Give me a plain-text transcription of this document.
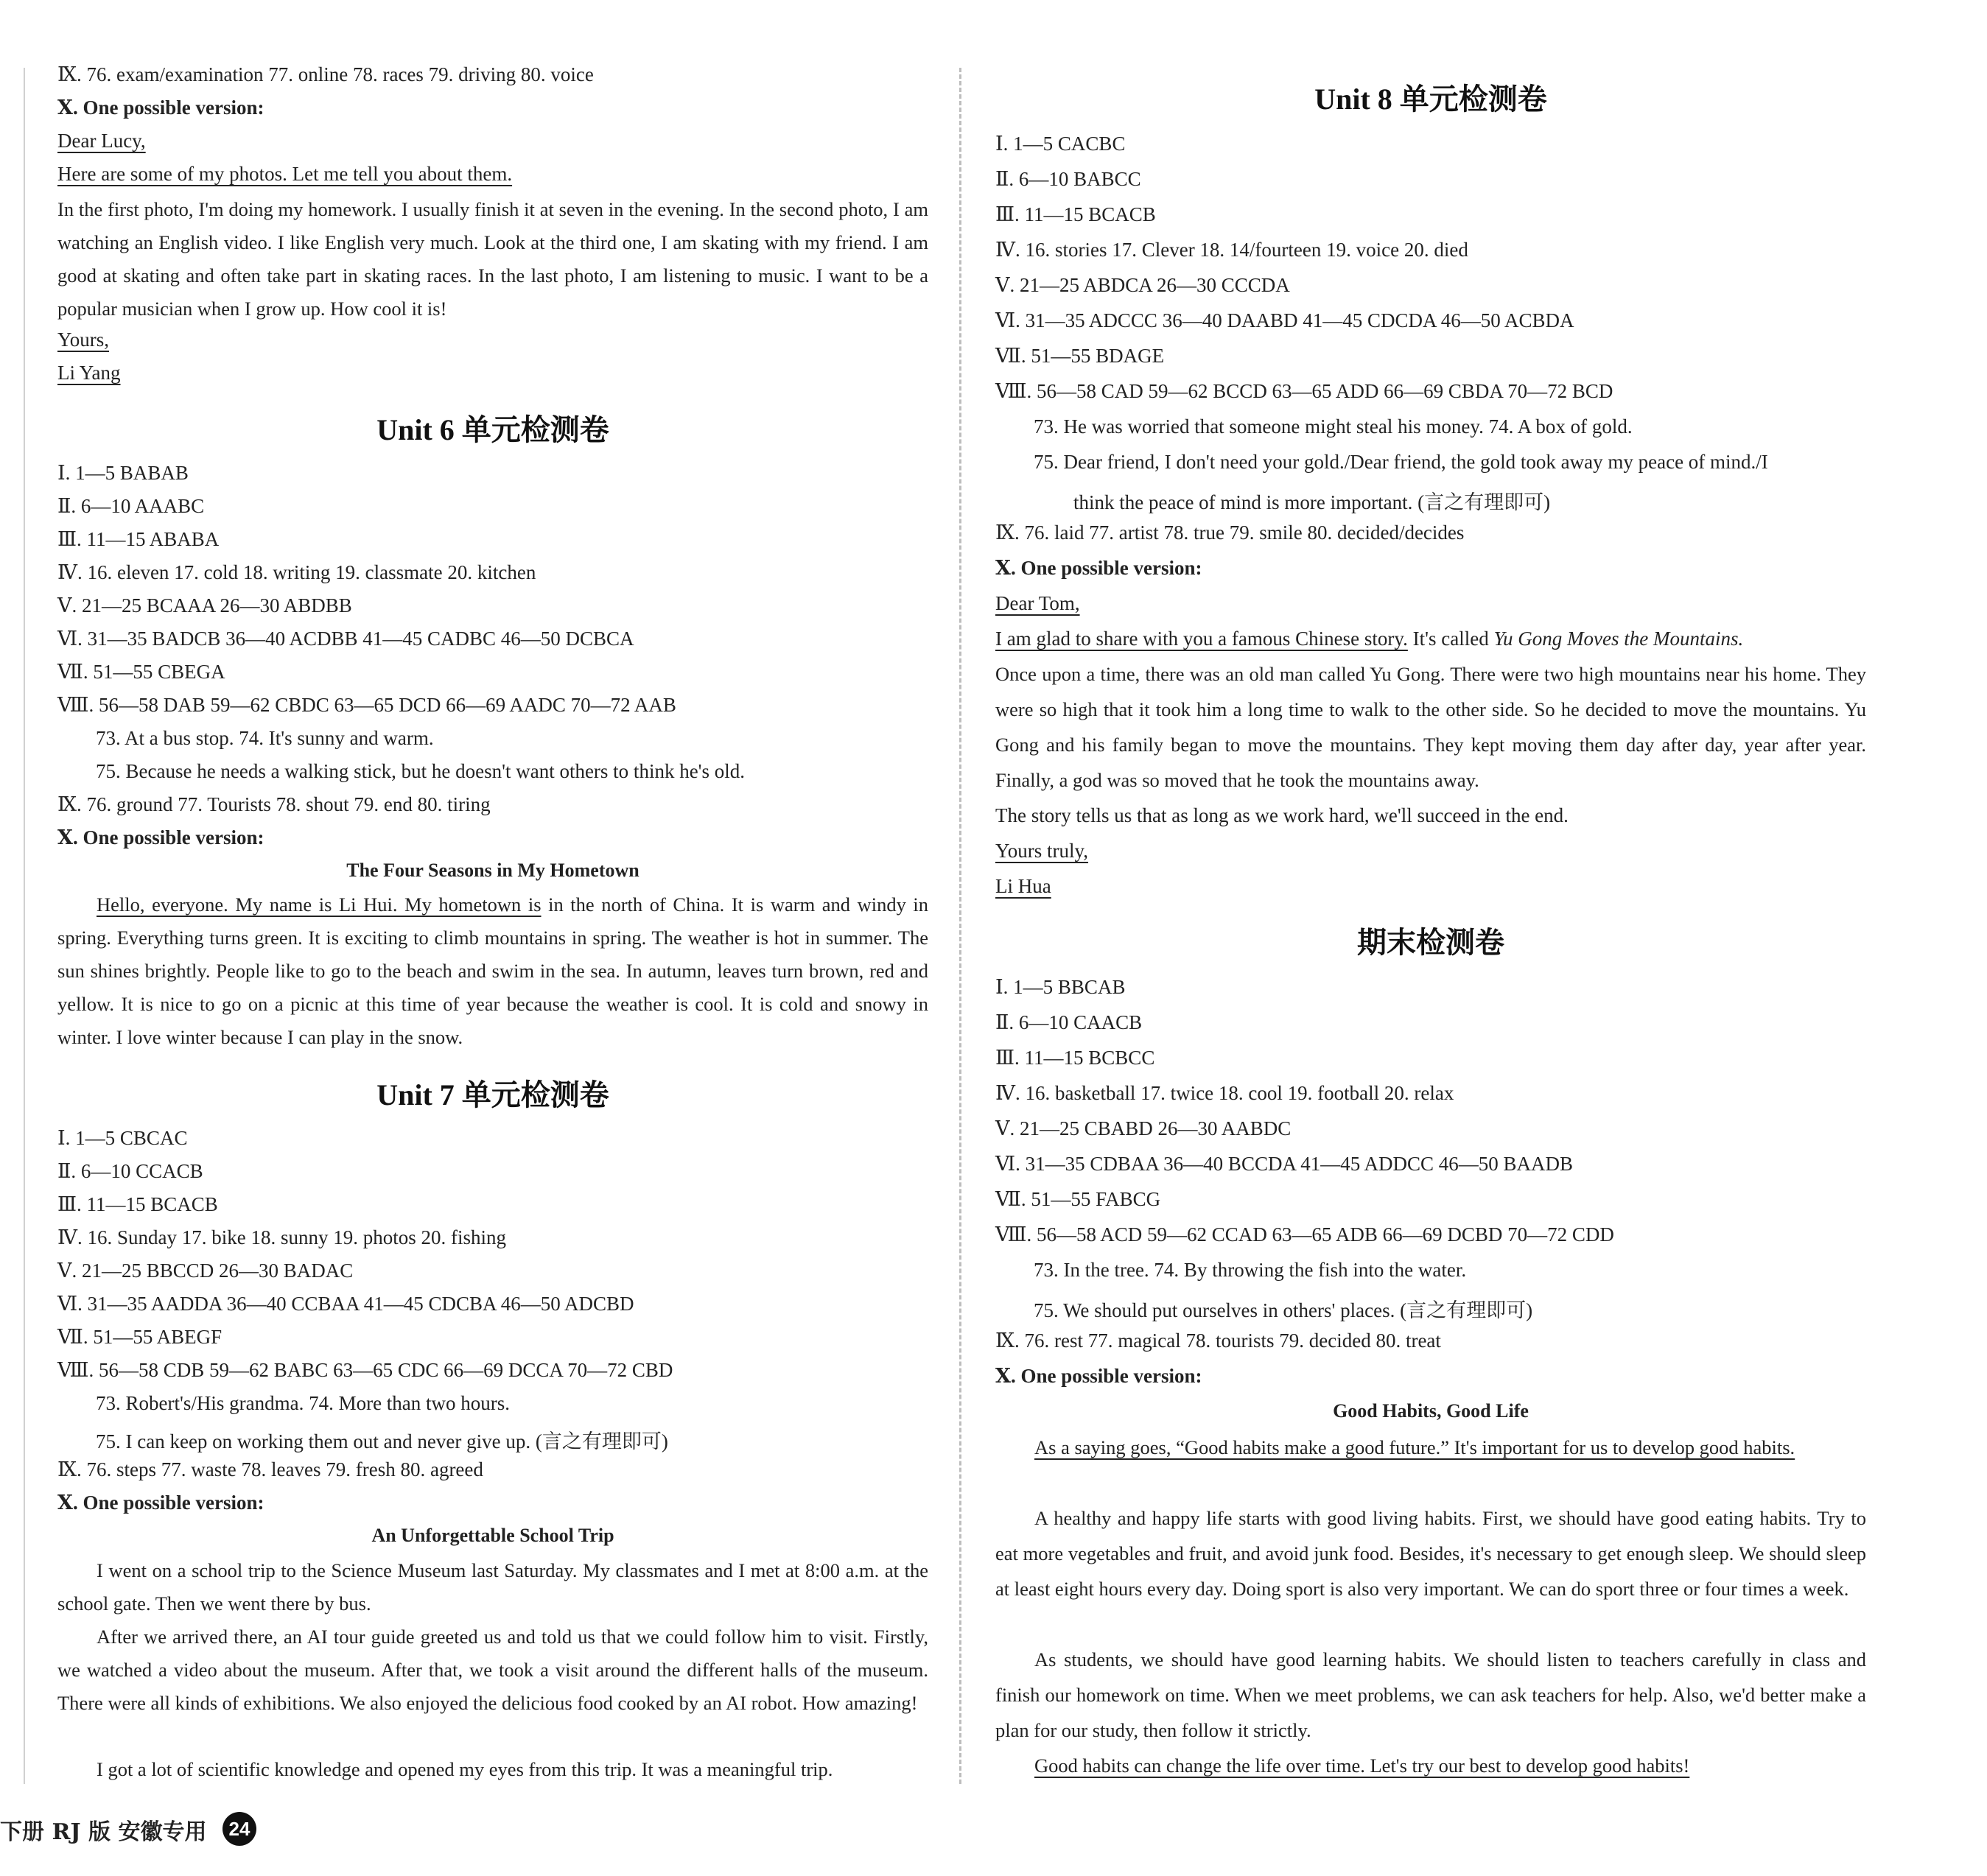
Ⅸ. 76. exam/examination 77. online 78. races 79. driving 80. voice
Ⅹ. One possible version:
Dear Lucy,
Here are some of my photos. Let me tell you about them.
In the first photo, I'm doing my homework. I usually finish it at seven in the evening. In the second photo, I am watching an English video. I like English very much. Look at the third one, I am skating with my friend. I am good at skating and often take part in skating races. In the last photo, I am listening to music. I want to be a popular musician when I grow up. How cool it is!
Yours,
Li Yang
Unit 6 单元检测卷
Ⅰ. 1—5 BABAB
Ⅱ. 6—10 AAABC
Ⅲ. 11—15 ABABA
Ⅳ. 16. eleven 17. cold 18. writing 19. classmate 20. kitchen
Ⅴ. 21—25 BCAAA 26—30 ABDBB
Ⅵ. 31—35 BADCB 36—40 ACDBB 41—45 CADBC 46—50 DCBCA
Ⅶ. 51—55 CBEGA
Ⅷ. 56—58 DAB 59—62 CBDC 63—65 DCD 66—69 AADC 70—72 AAB
73. At a bus stop. 74. It's sunny and warm.
75. Because he needs a walking stick, but he doesn't want others to think he's old.
Ⅸ. 76. ground 77. Tourists 78. shout 79. end 80. tiring
Ⅹ. One possible version:
The Four Seasons in My Hometown
Hello, everyone. My name is Li Hui. My hometown is in the north of China. It is warm and windy in spring. Everything turns green. It is exciting to climb mountains in spring. The weather is hot in summer. The sun shines brightly. People like to go to the beach and swim in the sea. In autumn, leaves turn brown, red and yellow. It is nice to go on a picnic at this time of year because the weather is cool. It is cold and snowy in winter. I love winter because I can play in the snow.
Unit 7 单元检测卷
Ⅰ. 1—5 CBCAC
Ⅱ. 6—10 CCACB
Ⅲ. 11—15 BCACB
Ⅳ. 16. Sunday 17. bike 18. sunny 19. photos 20. fishing
Ⅴ. 21—25 BBCCD 26—30 BADAC
Ⅵ. 31—35 AADDA 36—40 CCBAA 41—45 CDCBA 46—50 ADCBD
Ⅶ. 51—55 ABEGF
Ⅷ. 56—58 CDB 59—62 BABC 63—65 CDC 66—69 DCCA 70—72 CBD
73. Robert's/His grandma. 74. More than two hours.
75. I can keep on working them out and never give up. (言之有理即可)
Ⅸ. 76. steps 77. waste 78. leaves 79. fresh 80. agreed
Ⅹ. One possible version:
An Unforgettable School Trip
I went on a school trip to the Science Museum last Saturday. My classmates and I met at 8:00 a.m. at the school gate. Then we went there by bus.
After we arrived there, an AI tour guide greeted us and told us that we could follow him to visit. Firstly, we watched a video about the museum. After that, we took a visit around the different halls of the museum. There were all kinds of exhibitions. We also enjoyed the delicious food cooked by an AI robot. How amazing!
I got a lot of scientific knowledge and opened my eyes from this trip. It was a meaningful trip.
下册 RJ 版 安徽专用	24
Unit 8 单元检测卷
Ⅰ. 1—5 CACBC
Ⅱ. 6—10 BABCC
Ⅲ. 11—15 BCACB
Ⅳ. 16. stories 17. Clever 18. 14/fourteen 19. voice 20. died
Ⅴ. 21—25 ABDCA 26—30 CCCDA
Ⅵ. 31—35 ADCCC 36—40 DAABD 41—45 CDCDA 46—50 ACBDA
Ⅶ. 51—55 BDAGE
Ⅷ. 56—58 CAD 59—62 BCCD 63—65 ADD 66—69 CBDA 70—72 BCD
73. He was worried that someone might steal his money. 74. A box of gold.
75. Dear friend, I don't need your gold./Dear friend, the gold took away my peace of mind./I
think the peace of mind is more important. (言之有理即可)
Ⅸ. 76. laid 77. artist 78. true 79. smile 80. decided/decides
Ⅹ. One possible version:
Dear Tom,
I am glad to share with you a famous Chinese story. It's called Yu Gong Moves the Mountains.
Once upon a time, there was an old man called Yu Gong. There were two high mountains near his home. They were so high that it took him a long time to walk to the other side. So he decided to move the mountains. Yu Gong and his family began to move the mountains. They kept moving them day after day, year after year. Finally, a god was so moved that he took the mountains away.
The story tells us that as long as we work hard, we'll succeed in the end.
Yours truly,
Li Hua
期末检测卷
Ⅰ. 1—5 BBCAB
Ⅱ. 6—10 CAACB
Ⅲ. 11—15 BCBCC
Ⅳ. 16. basketball 17. twice 18. cool 19. football 20. relax
Ⅴ. 21—25 CBABD 26—30 AABDC
Ⅵ. 31—35 CDBAA 36—40 BCCDA 41—45 ADDCC 46—50 BAADB
Ⅶ. 51—55 FABCG
Ⅷ. 56—58 ACD 59—62 CCAD 63—65 ADB 66—69 DCBD 70—72 CDD
73. In the tree. 74. By throwing the fish into the water.
75. We should put ourselves in others' places. (言之有理即可)
Ⅸ. 76. rest 77. magical 78. tourists 79. decided 80. treat
Ⅹ. One possible version:
Good Habits, Good Life
As a saying goes, “Good habits make a good future.” It's important for us to develop good habits.
A healthy and happy life starts with good living habits. First, we should have good eating habits. Try to eat more vegetables and fruit, and avoid junk food. Besides, it's necessary to get enough sleep. We should sleep at least eight hours every day. Doing sport is also very important. We can do sport three or four times a week.
As students, we should have good learning habits. We should listen to teachers carefully in class and finish our homework on time. When we meet problems, we can ask teachers for help. Also, we'd better make a plan for our study, then follow it strictly.
Good habits can change the life over time. Let's try our best to develop good habits!
